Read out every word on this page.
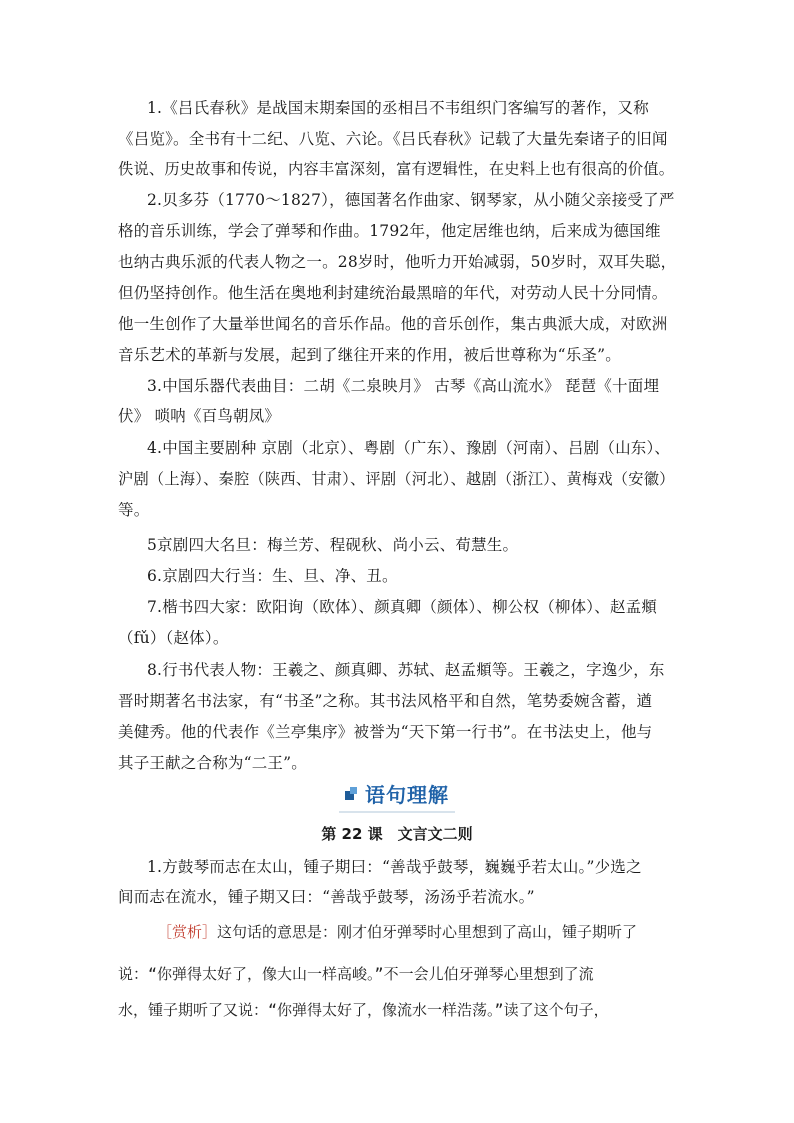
1.《吕氏春秋》是战国末期秦国的丞相吕不韦组织门客编写的著作，又称
《吕览》。全书有十二纪、八览、六论。《吕氏春秋》记载了大量先秦诸子的旧闻
佚说、历史故事和传说，内容丰富深刻，富有逻辑性，在史料上也有很高的价值。
2.贝多芬（1770～1827），德国著名作曲家、钢琴家，从小随父亲接受了严
格的音乐训练，学会了弹琴和作曲。1792年，他定居维也纳，后来成为德国维
也纳古典乐派的代表人物之一。28岁时，他听力开始减弱，50岁时，双耳失聪，
但仍坚持创作。他生活在奥地利封建统治最黑暗的年代，对劳动人民十分同情。
他一生创作了大量举世闻名的音乐作品。他的音乐创作，集古典派大成，对欧洲
音乐艺术的革新与发展，起到了继往开来的作用，被后世尊称为“乐圣”。
3.中国乐器代表曲目：二胡《二泉映月》 古琴《高山流水》 琵琶《十面埋
伏》 唢呐《百鸟朝凤》
4.中国主要剧种 京剧（北京）、粤剧（广东）、豫剧（河南）、吕剧（山东）、
沪剧（上海）、秦腔（陕西、甘肃）、评剧（河北）、越剧（浙江）、黄梅戏（安徽）
等。
5京剧四大名旦：梅兰芳、程砚秋、尚小云、荀慧生。
6.京剧四大行当：生、旦、净、丑。
7.楷书四大家：欧阳询（欧体）、颜真卿（颜体）、柳公权（柳体）、赵孟頫
（fǔ）（赵体）。
8.行书代表人物：王羲之、颜真卿、苏轼、赵孟頫等。王羲之，字逸少，东
晋时期著名书法家，有“书圣”之称。其书法风格平和自然，笔势委婉含蓄，遒
美健秀。他的代表作《兰亭集序》被誉为“天下第一行书”。在书法史上，他与
其子王献之合称为“二王”。
语句理解
第 22 课　文言文二则
1.方鼓琴而志在太山，锺子期曰：“善哉乎鼓琴，巍巍乎若太山。”少选之
间而志在流水，锺子期又曰：“善哉乎鼓琴，汤汤乎若流水。”
［赏析］这句话的意思是：刚才伯牙弹琴时心里想到了高山，锺子期听了
说：“你弹得太好了，像大山一样高峻。”不一会儿伯牙弹琴心里想到了流
水，锺子期听了又说：“你弹得太好了，像流水一样浩荡。”读了这个句子，
